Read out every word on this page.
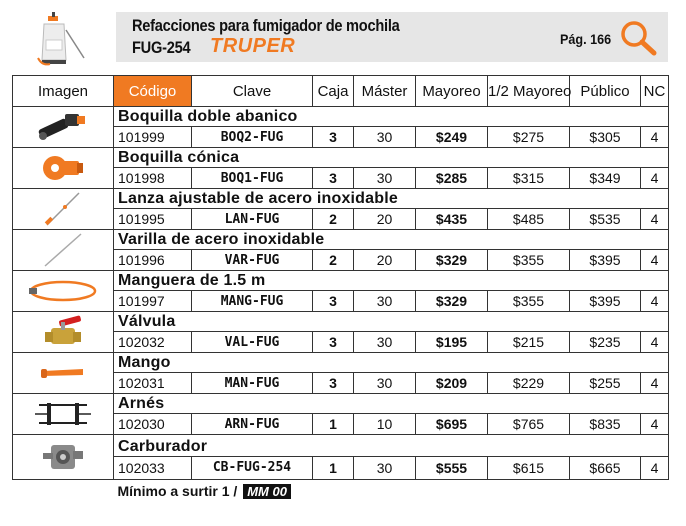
Refacciones para fumigador de mochila
FUG-254 TRUPER	Pág. 166
Imagen	Código	Clave	Caja	Máster	Mayoreo	1/2 Mayoreo	Público	NC

	Boquilla doble abanico							
	101999	BOQ2-FUG	3	30	$249	$275	$305	4

	Boquilla cónica							
	101998	BOQ1-FUG	3	30	$285	$315	$349	4

	Lanza ajustable de acero inoxidable							
	101995	LAN-FUG	2	20	$435	$485	$535	4

	Varilla de acero inoxidable							
	101996	VAR-FUG	2	20	$329	$355	$395	4

	Manguera de 1.5 m							
	101997	MANG-FUG	3	30	$329	$355	$395	4

	Válvula							
	102032	VAL-FUG	3	30	$195	$215	$235	4

	Mango							
	102031	MAN-FUG	3	30	$209	$229	$255	4

	Arnés							
	102030	ARN-FUG	1	10	$695	$765	$835	4

	Carburador							
	102033	CB-FUG-254	1	30	$555	$615	$665	4
	Mínimo a surtir 1 / MM 00							
